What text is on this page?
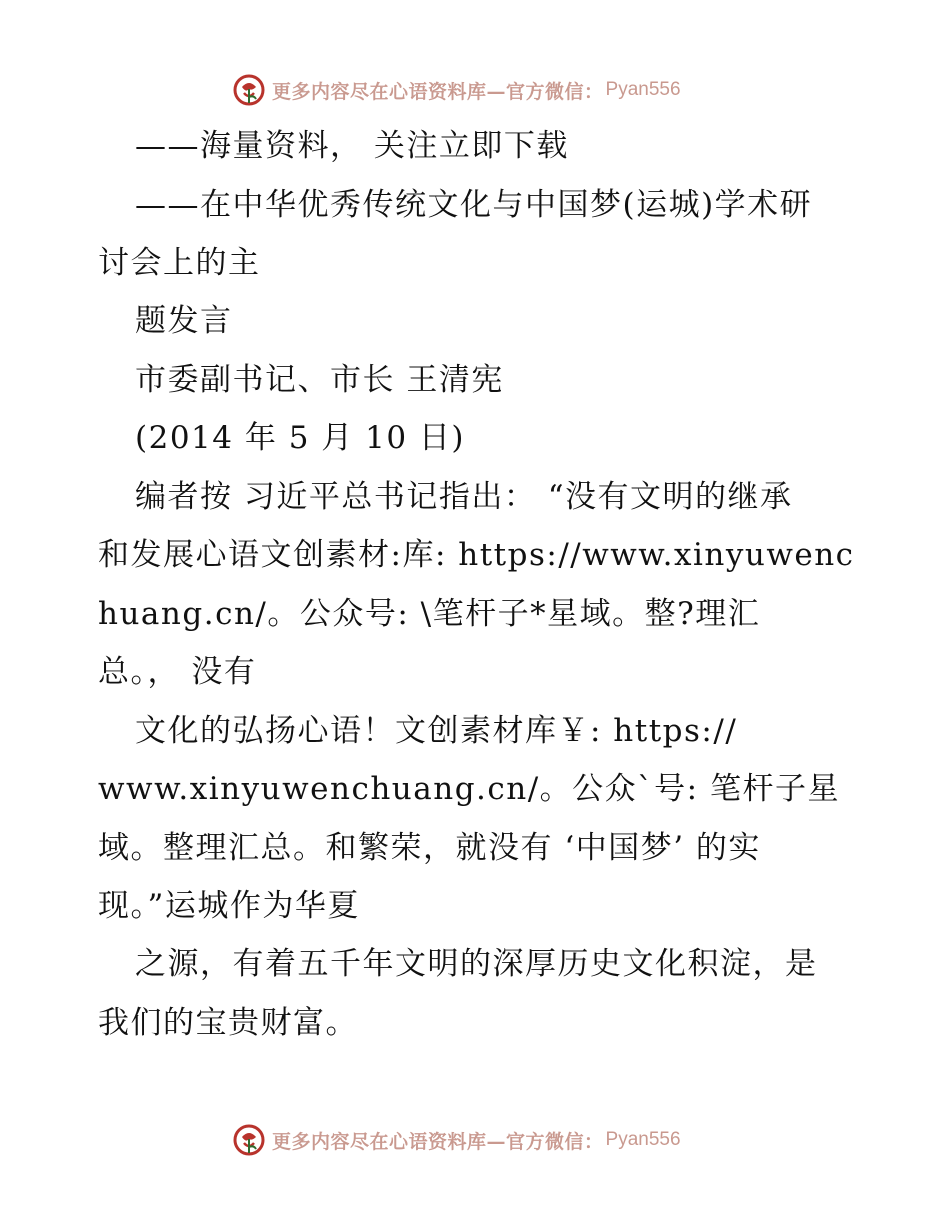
更多内容尽在心语资料库—官方微信： Pyan556
——海量资料， 关注立即下载
——在中华优秀传统文化与中国梦(运城)学术研
讨会上的主
题发言
市委副书记、市长 王清宪
(2014 年 5 月 10 日)
编者按 习近平总书记指出： “没有文明的继承
和发展心语文创素材:库: https://www.xinyuwenc
huang.cn/。公众号: \笔杆子*星域。整?理汇
总。， 没有
文化的弘扬心语！文创素材库￥: https://
www.xinyuwenchuang.cn/。公众`号: 笔杆子星
域。整理汇总。和繁荣，就没有 ‘中国梦’ 的实
现。”运城作为华夏
之源，有着五千年文明的深厚历史文化积淀，是
我们的宝贵财富。
更多内容尽在心语资料库—官方微信： Pyan556
